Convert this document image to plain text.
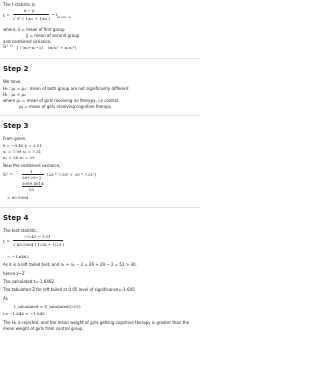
The t statistic is,
t =
x̄ − ȳ
√ S² ( 1/n₁ + 1/n₂ )
~ $t_{n_1+n_2-2}$
where, x̄ = mean of first group
ȳ = mean of second group
and combined variance,
S² = 1 / (n₁+n₂−2) (n₁s₁² + n₂s₂²)
Step 2
We have,
H₀ : μ₁ = μ₂ : mean of both group are not significantly different
H₁ : μ₁ < μ₂
where μ₁ = mean of girls receiving no therapy, i.e control
μ₂ = mean of girls receiving cognitive therapy
Step 3
From given,
x̄ = −0.45 ȳ = 3.01
s₁ = 7.99 s₂ = 7.31
n₁ = 26 n₂ = 29
Now the combined variance,
S² =
1
26+29−2
(26 * 7.99² + 29 * 7.31²)
3089.4814
53
= 60.5564
Step 4
The test statistic,
t =
−0.45 − 3.01
√ 60.5564 ( 1/26 + 1/29 )
= −1.6462
As it is a left tailed test, and n₁ + n₂ − 2 = 26 + 29 − 2 = 53 > 30.
hence z~Z
The calculated t=-1.6462
The tabulated Z for left tailed at 0.05 level of significance=-1.645
As
t_calculated < Z_tabulated(0.05)
i.e −1.646 < −1.645
The H₀ is rejected, and the mean weight of girls getting cognitive therapy is greater than the
mean weight of girls from control group.
